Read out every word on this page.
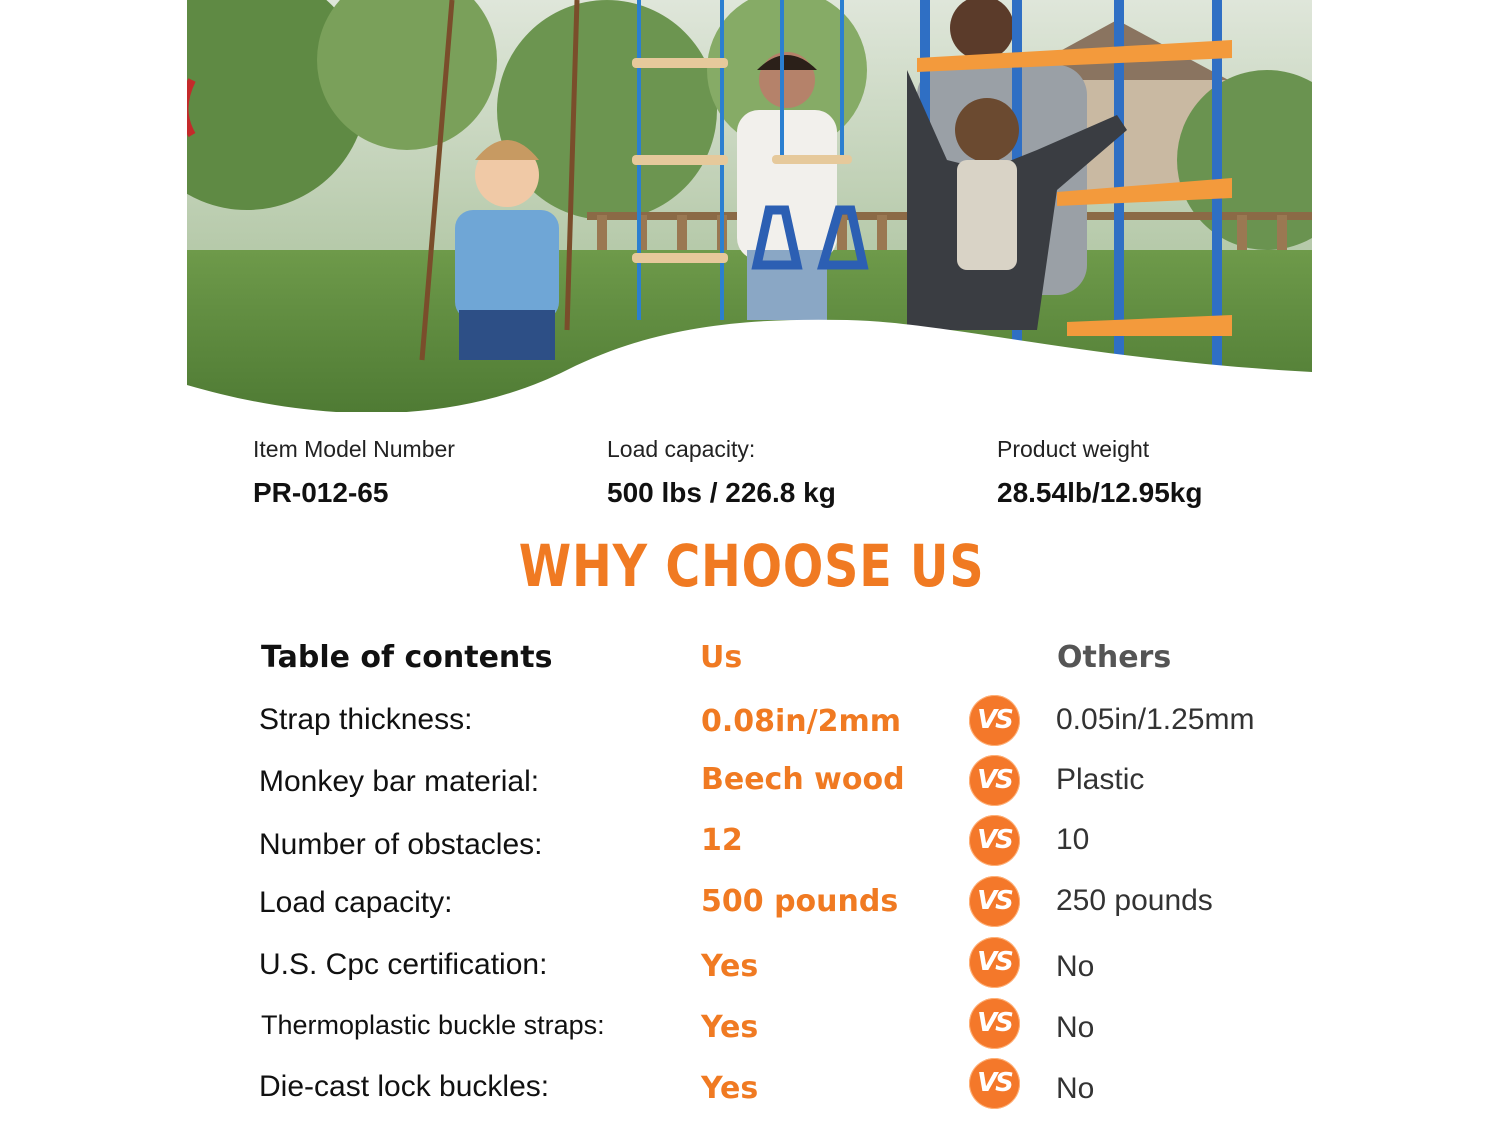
Item Model Number
PR-012-65
Load capacity:
500 lbs / 226.8 kg
Product weight
28.54lb/12.95kg
WHY CHOOSE US
Table of contents	Us	Others
Strap thickness:	0.08in/2mm	VS 0.05in/1.25mm
Monkey bar material:	Beech wood	VS Plastic
Number of obstacles:	12	VS 10
Load capacity:	500 pounds	VS 250 pounds
U.S. Cpc certification:	Yes	VS No
Thermoplastic buckle straps:	Yes	VS No
Die-cast lock buckles:	Yes	VS No
